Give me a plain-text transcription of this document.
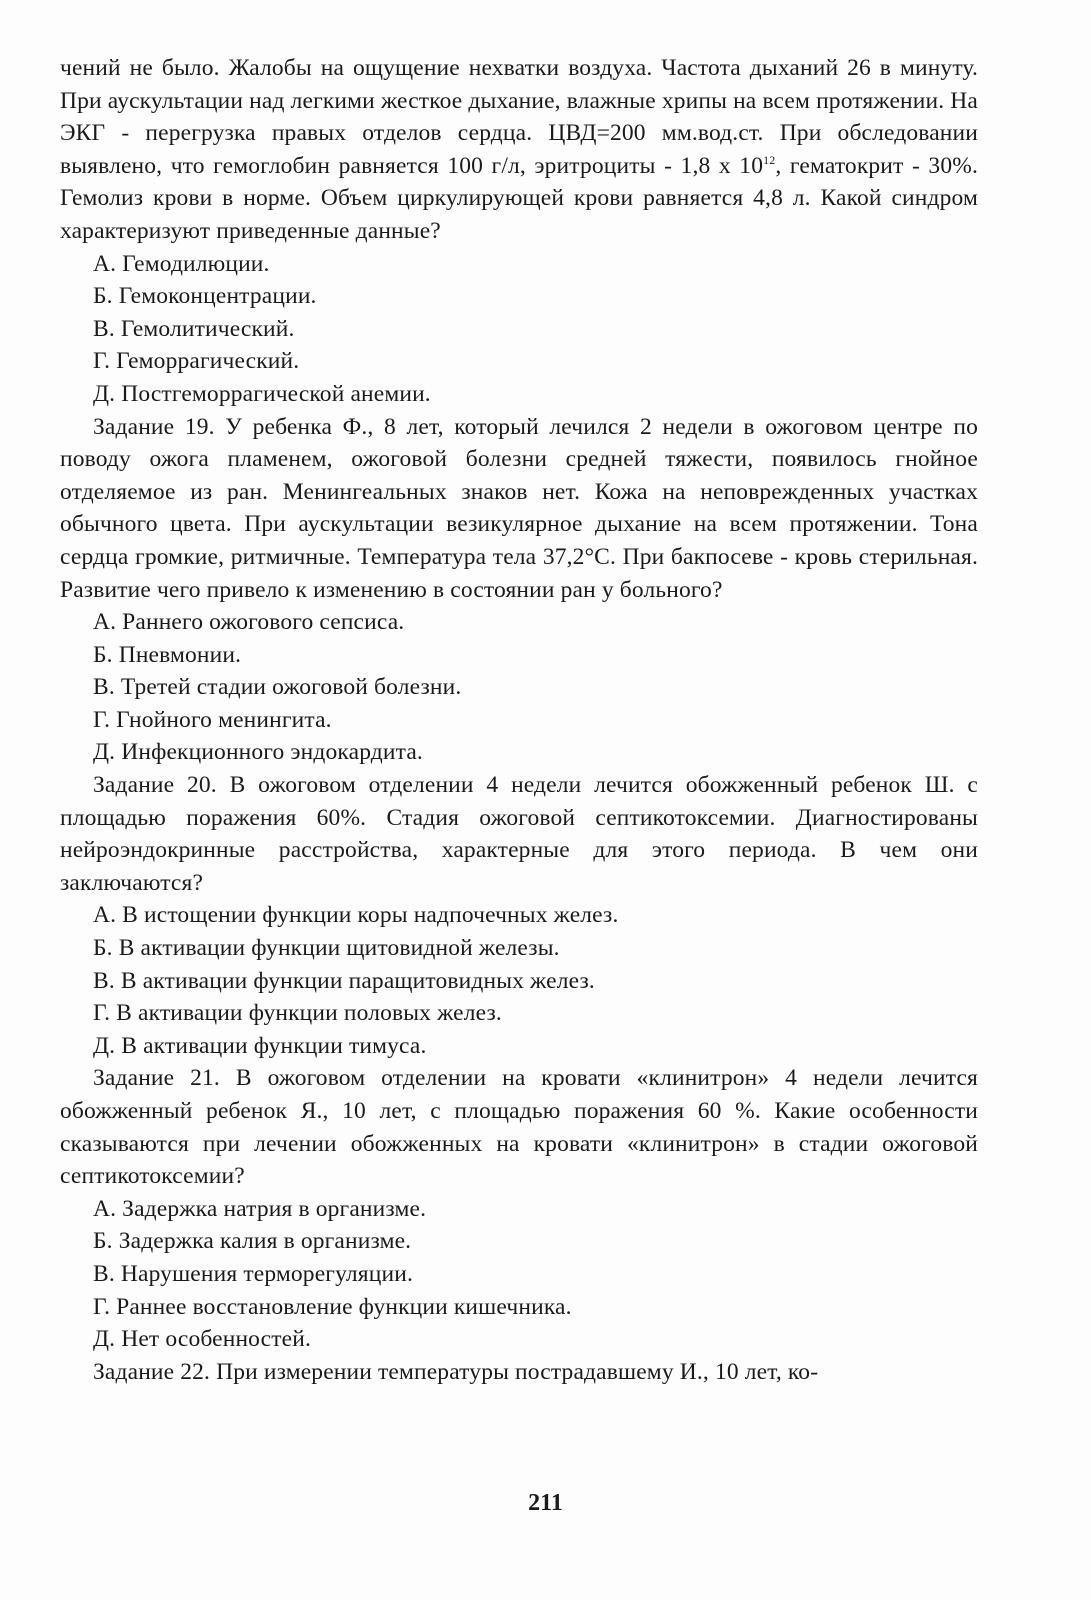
чений не было. Жалобы на ощущение нехватки воздуха. Частота дыханий 26 в минуту. При аускультации над легкими жесткое дыхание, влажные хрипы на всем протяжении. На ЭКГ - перегрузка правых отделов сердца. ЦВД=200 мм.вод.ст. При обследовании выявлено, что гемоглобин равняется 100 г/л, эритроциты - 1,8 х $10^{12}$, гематокрит - 30%. Гемолиз крови в норме. Объем циркулирующей крови равняется 4,8 л. Какой синдром характеризуют приведенные данные?

А. Гемодилюции.

Б. Гемоконцентрации.

В. Гемолитический.

Г. Геморрагический.

Д. Постгеморрагической анемии.

Задание 19. У ребенка Ф., 8 лет, который лечился 2 недели в ожоговом центре по поводу ожога пламенем, ожоговой болезни средней тяжести, появилось гнойное отделяемое из ран. Менингеальных знаков нет. Кожа на неповрежденных участках обычного цвета. При аускультации везикулярное дыхание на всем протяжении. Тона сердца громкие, ритмичные. Температура тела 37,2°С. При бакпосеве - кровь стерильная. Развитие чего привело к изменению в состоянии ран у больного?

А. Раннего ожогового сепсиса.

Б. Пневмонии.

В. Третей стадии ожоговой болезни.

Г. Гнойного менингита.

Д. Инфекционного эндокардита.

Задание 20. В ожоговом отделении 4 недели лечится обожженный ребенок Ш. с площадью поражения 60%. Стадия ожоговой септикотоксемии. Диагностированы нейроэндокринные расстройства, характерные для этого периода. В чем они заключаются?

А. В истощении функции коры надпочечных желез.

Б. В активации функции щитовидной железы.

В. В активации функции паращитовидных желез.

Г. В активации функции половых желез.

Д. В активации функции тимуса.

Задание 21. В ожоговом отделении на кровати «клинитрон» 4 недели лечится обожженный ребенок Я., 10 лет, с площадью поражения 60 %. Какие особенности сказываются при лечении обожженных на кровати «клинитрон» в стадии ожоговой септикотоксемии?

А. Задержка натрия в организме.

Б. Задержка калия в организме.

В. Нарушения терморегуляции.

Г. Раннее восстановление функции кишечника.

Д. Нет особенностей.

Задание 22. При измерении температуры пострадавшему И., 10 лет, ко-

211
